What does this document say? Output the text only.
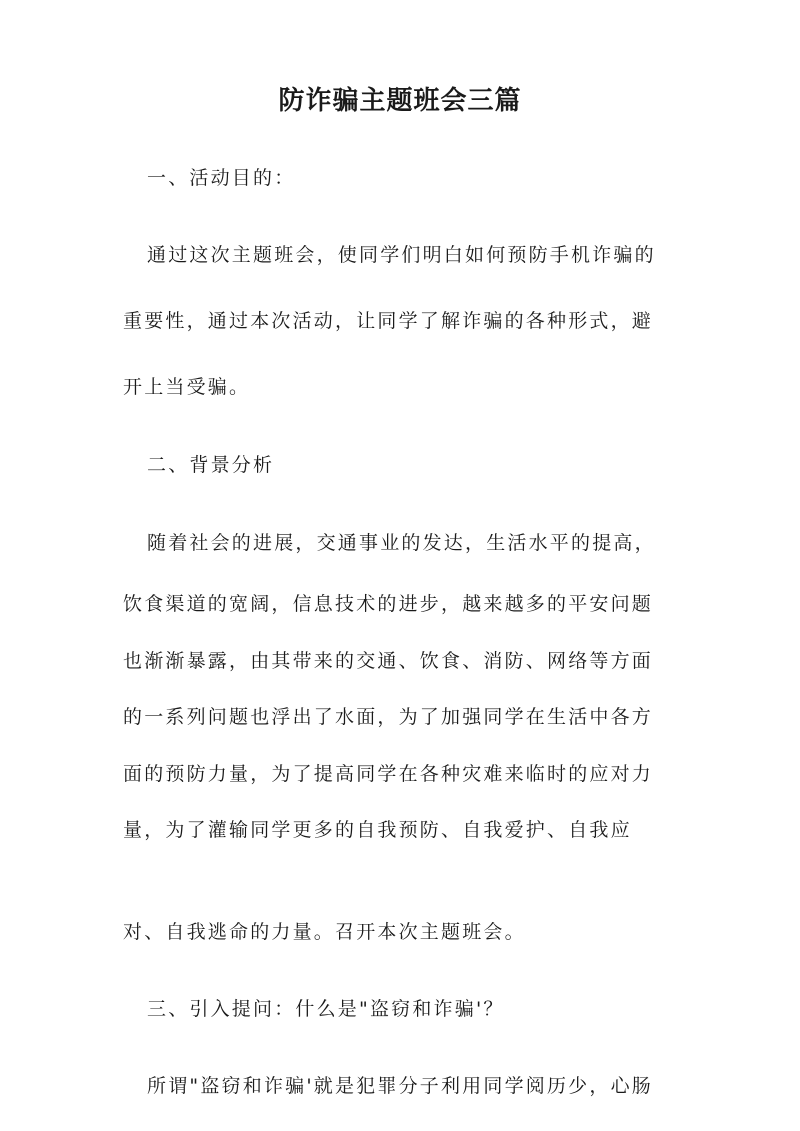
防诈骗主题班会三篇
一、活动目的：
通过这次主题班会，使同学们明白如何预防手机诈骗的
重要性，通过本次活动，让同学了解诈骗的各种形式，避
开上当受骗。
二、背景分析
随着社会的进展，交通事业的发达，生活水平的提高，
饮食渠道的宽阔，信息技术的进步，越来越多的平安问题
也渐渐暴露，由其带来的交通、饮食、消防、网络等方面
的一系列问题也浮出了水面，为了加强同学在生活中各方
面的预防力量，为了提高同学在各种灾难来临时的应对力
量，为了灌输同学更多的自我预防、自我爱护、自我应
对、自我逃命的力量。召开本次主题班会。
三、引入提问：什么是"盗窃和诈骗'？
所谓"盗窃和诈骗'就是犯罪分子利用同学阅历少，心肠
